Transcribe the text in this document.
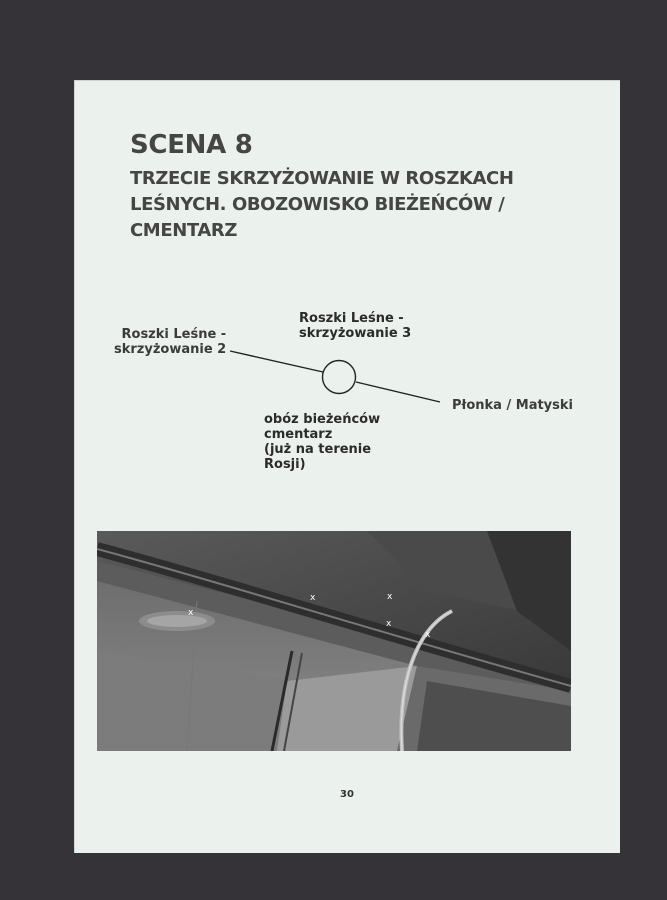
SCENA 8
TRZECIE SKRZYŻOWANIE W ROSZKACH LEŚNYCH. OBOZOWISKO BIEŻEŃCÓW / CMENTARZ
Roszki Leśne -
skrzyżowanie 2
Roszki Leśne -
skrzyżowanie 3
Płonka / Matyski
obóz bieżeńców
cmentarz
(już na terenie
Rosji)
x
x	x
x
x
30
